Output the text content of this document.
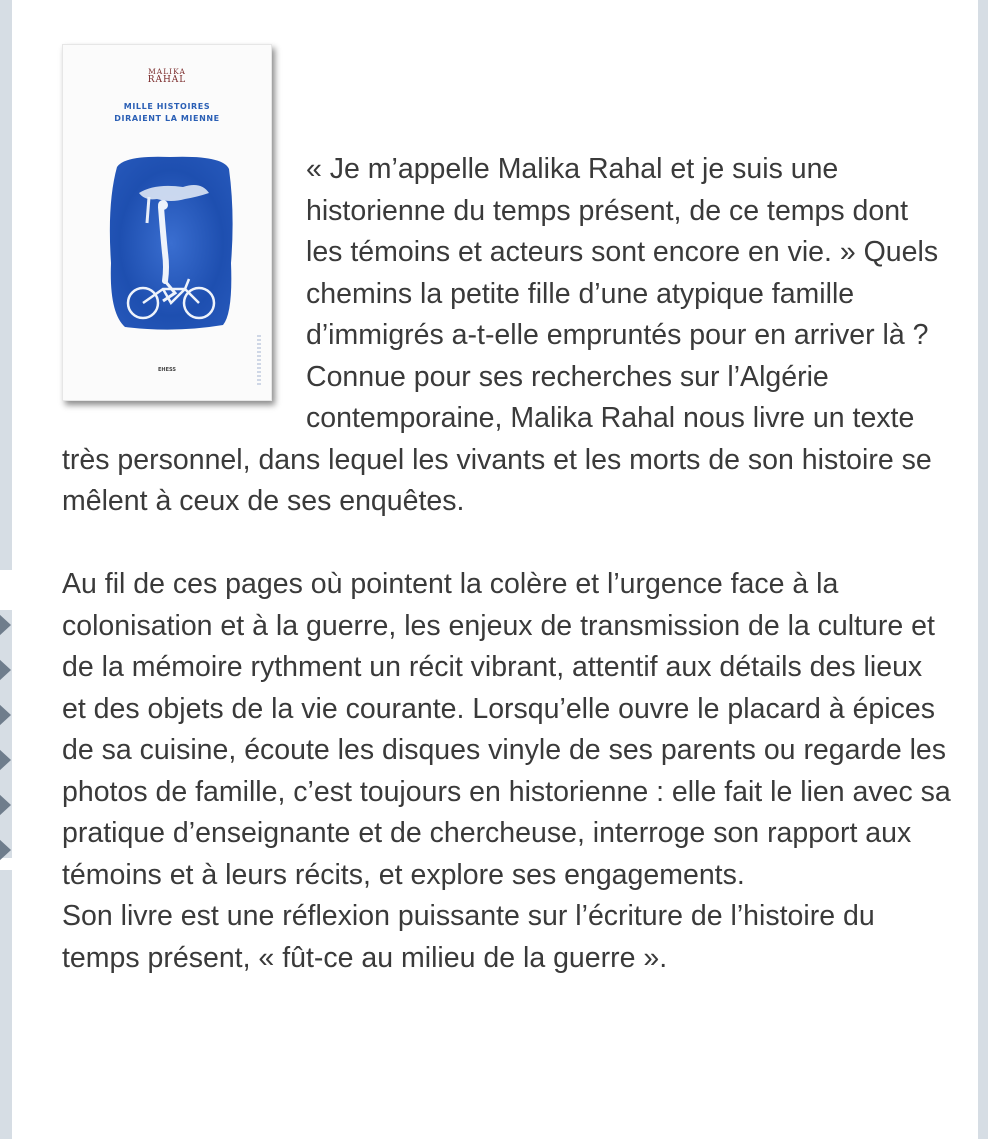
MALIKA
RAHAL
MILLE HISTOIRES
DIRAIENT LA MIENNE
EHESS

« Je m’appelle Malika Rahal et je suis une historienne du temps présent, de ce temps dont les témoins et acteurs sont encore en vie. » Quels chemins la petite fille d’une atypique famille d’immigrés a-t-elle empruntés pour en arriver là ? Connue pour ses recherches sur l’Algérie contemporaine, Malika Rahal nous livre un texte très personnel, dans lequel les vivants et les morts de son histoire se mêlent à ceux de ses enquêtes.

Au fil de ces pages où pointent la colère et l’urgence face à la colonisation et à la guerre, les enjeux de transmission de la culture et de la mémoire rythment un récit vibrant, attentif aux détails des lieux et des objets de la vie courante. Lorsqu’elle ouvre le placard à épices de sa cuisine, écoute les disques vinyle de ses parents ou regarde les photos de famille, c’est toujours en historienne : elle fait le lien avec sa pratique d’enseignante et de chercheuse, interroge son rapport aux témoins et à leurs récits, et explore ses engagements.

Son livre est une réflexion puissante sur l’écriture de l’histoire du temps présent, « fût-ce au milieu de la guerre ».
